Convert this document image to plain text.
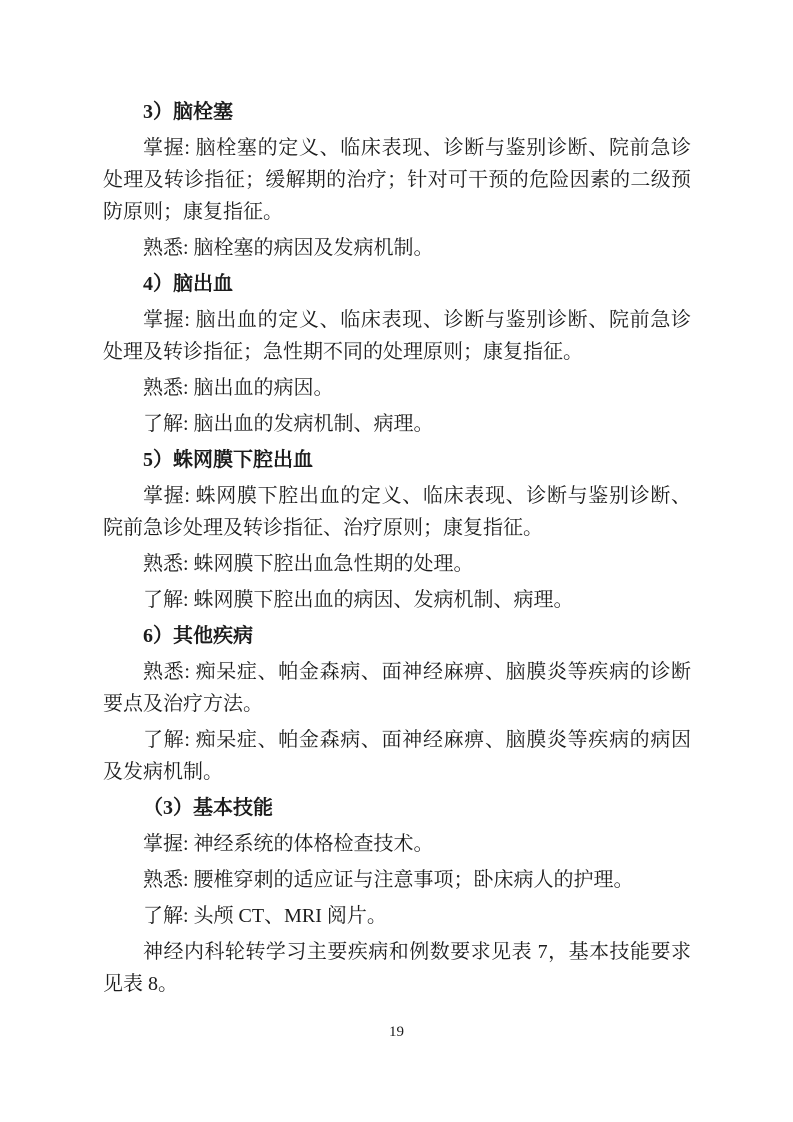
3）脑栓塞

掌握: 脑栓塞的定义、临床表现、诊断与鉴别诊断、院前急诊处理及转诊指征；缓解期的治疗；针对可干预的危险因素的二级预防原则；康复指征。

熟悉: 脑栓塞的病因及发病机制。

4）脑出血

掌握: 脑出血的定义、临床表现、诊断与鉴别诊断、院前急诊处理及转诊指征；急性期不同的处理原则；康复指征。

熟悉: 脑出血的病因。

了解: 脑出血的发病机制、病理。

5）蛛网膜下腔出血

掌握: 蛛网膜下腔出血的定义、临床表现、诊断与鉴别诊断、院前急诊处理及转诊指征、治疗原则；康复指征。

熟悉: 蛛网膜下腔出血急性期的处理。

了解: 蛛网膜下腔出血的病因、发病机制、病理。

6）其他疾病

熟悉: 痴呆症、帕金森病、面神经麻痹、脑膜炎等疾病的诊断要点及治疗方法。

了解: 痴呆症、帕金森病、面神经麻痹、脑膜炎等疾病的病因及发病机制。

（3）基本技能

掌握: 神经系统的体格检查技术。

熟悉: 腰椎穿刺的适应证与注意事项；卧床病人的护理。

了解: 头颅 CT、MRI 阅片。

神经内科轮转学习主要疾病和例数要求见表 7，基本技能要求见表 8。

19
